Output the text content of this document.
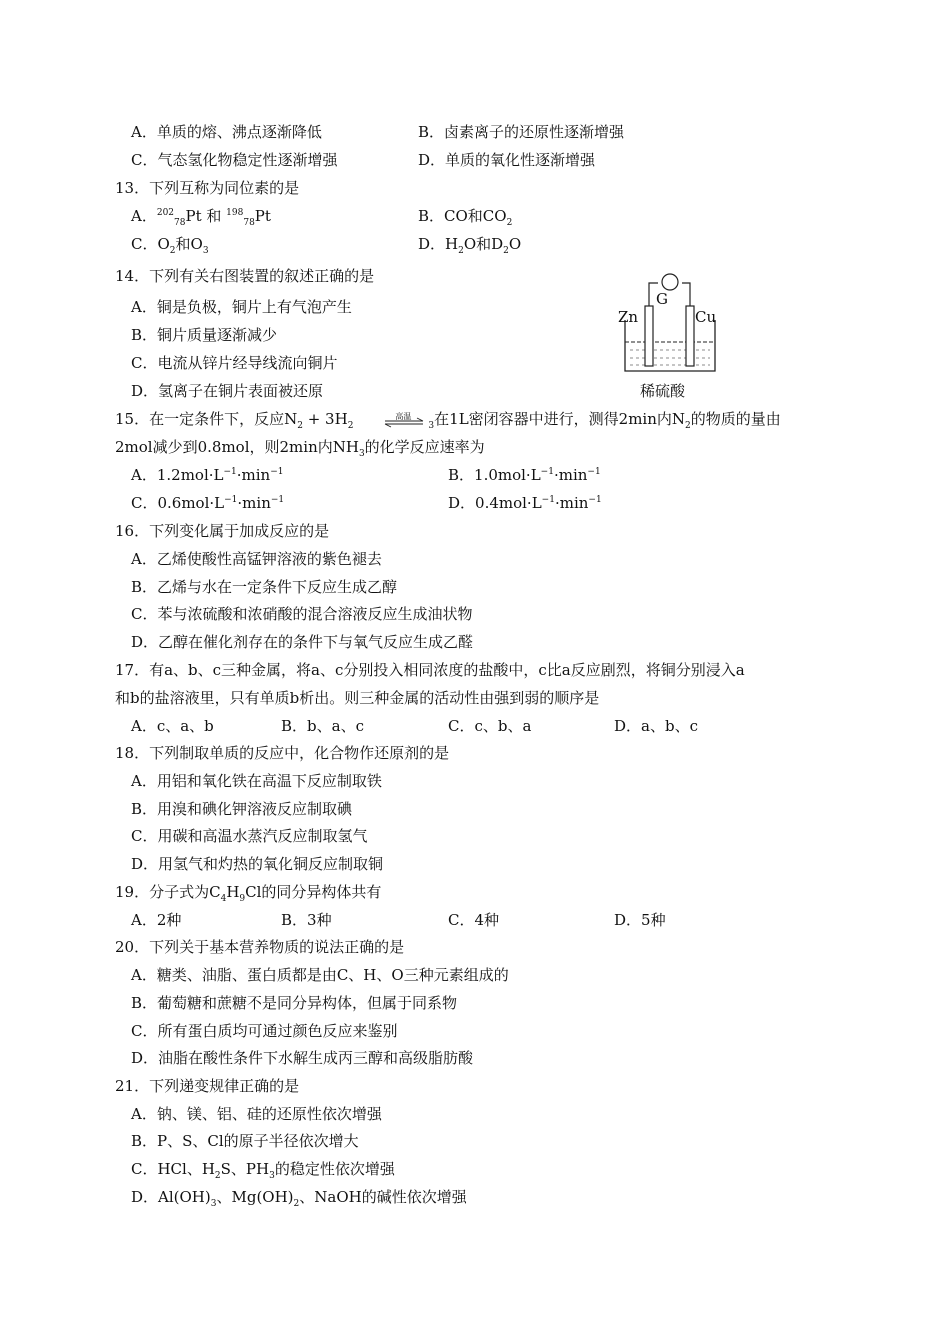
A．单质的熔、沸点逐渐降低	B．卤素离子的还原性逐渐增强
C．气态氢化物稳定性逐渐增强	D．单质的氧化性逐渐增强
13．下列互称为同位素的是
A．$^{202}_{78}$Pt 和 $^{198}_{78}$Pt	B．CO和$CO_2$
C．$O_2$和$O_3$	D．$H_2O$和$D_2O$
14．下列有关右图装置的叙述正确的是
A．铜是负极，铜片上有气泡产生
B．铜片质量逐渐减少
C．电流从锌片经导线流向铜片
D．氢离子在铜片表面被还原
G
Zn	Cu
稀硫酸
15．在一定条件下，反应$N_2 + 3H_2$
高温
$_3$在1L密闭容器中进行，测得2min内$N_2$的物质的量由
2mol减少到0.8mol，则2min内$NH_3$的化学反应速率为
A．$1.2mol\cdot L^{-1}\cdot\min^{-1}$	B．$1.0mol\cdot L^{-1}\cdot\min^{-1}$
C．$0.6mol\cdot L^{-1}\cdot\min^{-1}$	D．$0.4mol\cdot L^{-1}\cdot\min^{-1}$
16．下列变化属于加成反应的是
A．乙烯使酸性高锰钾溶液的紫色褪去
B．乙烯与水在一定条件下反应生成乙醇
C．苯与浓硫酸和浓硝酸的混合溶液反应生成油状物
D．乙醇在催化剂存在的条件下与氧气反应生成乙醛
17．有a、b、c三种金属，将a、c分别投入相同浓度的盐酸中，c比a反应剧烈，将铜分别浸入a
和b的盐溶液里，只有单质b析出。则三种金属的活动性由强到弱的顺序是
A．c、a、b	B．b、a、c	C．c、b、a	D．a、b、c
18．下列制取单质的反应中，化合物作还原剂的是
A．用铝和氧化铁在高温下反应制取铁
B．用溴和碘化钾溶液反应制取碘
C．用碳和高温水蒸汽反应制取氢气
D．用氢气和灼热的氧化铜反应制取铜
19．分子式为$C_4H_9Cl$的同分异构体共有
A．2种	B．3种	C．4种	D．5种
20．下列关于基本营养物质的说法正确的是
A．糖类、油脂、蛋白质都是由C、H、O三种元素组成的
B．葡萄糖和蔗糖不是同分异构体，但属于同系物
C．所有蛋白质均可通过颜色反应来鉴别
D．油脂在酸性条件下水解生成丙三醇和高级脂肪酸
21．下列递变规律正确的是
A．钠、镁、铝、硅的还原性依次增强
B．P、S、Cl的原子半径依次增大
C．HCl、$H_2S$、$PH_3$的稳定性依次增强
D．$Al(OH)_3$、$Mg(OH)_2$、NaOH的碱性依次增强
